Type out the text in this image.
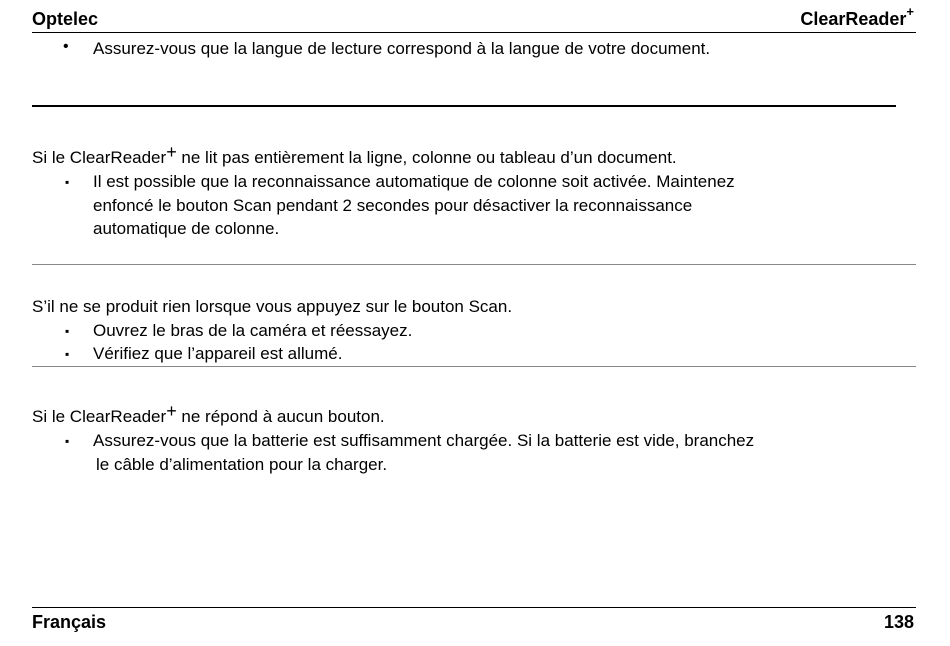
Optelec	ClearReader+
• Assurez-vous que la langue de lecture correspond à la langue de votre document.
Si le ClearReader+ ne lit pas entièrement la ligne, colonne ou tableau d’un document.
▪ Il est possible que la reconnaissance automatique de colonne soit activée. Maintenez
enfoncé le bouton Scan pendant 2 secondes pour désactiver la reconnaissance
automatique de colonne.
S’il ne se produit rien lorsque vous appuyez sur le bouton Scan.
▪ Ouvrez le bras de la caméra et réessayez.
▪ Vérifiez que l’appareil est allumé.
Si le ClearReader+ ne répond à aucun bouton.
▪ Assurez-vous que la batterie est suffisamment chargée. Si la batterie est vide, branchez
le câble d’alimentation pour la charger.
Français	138
